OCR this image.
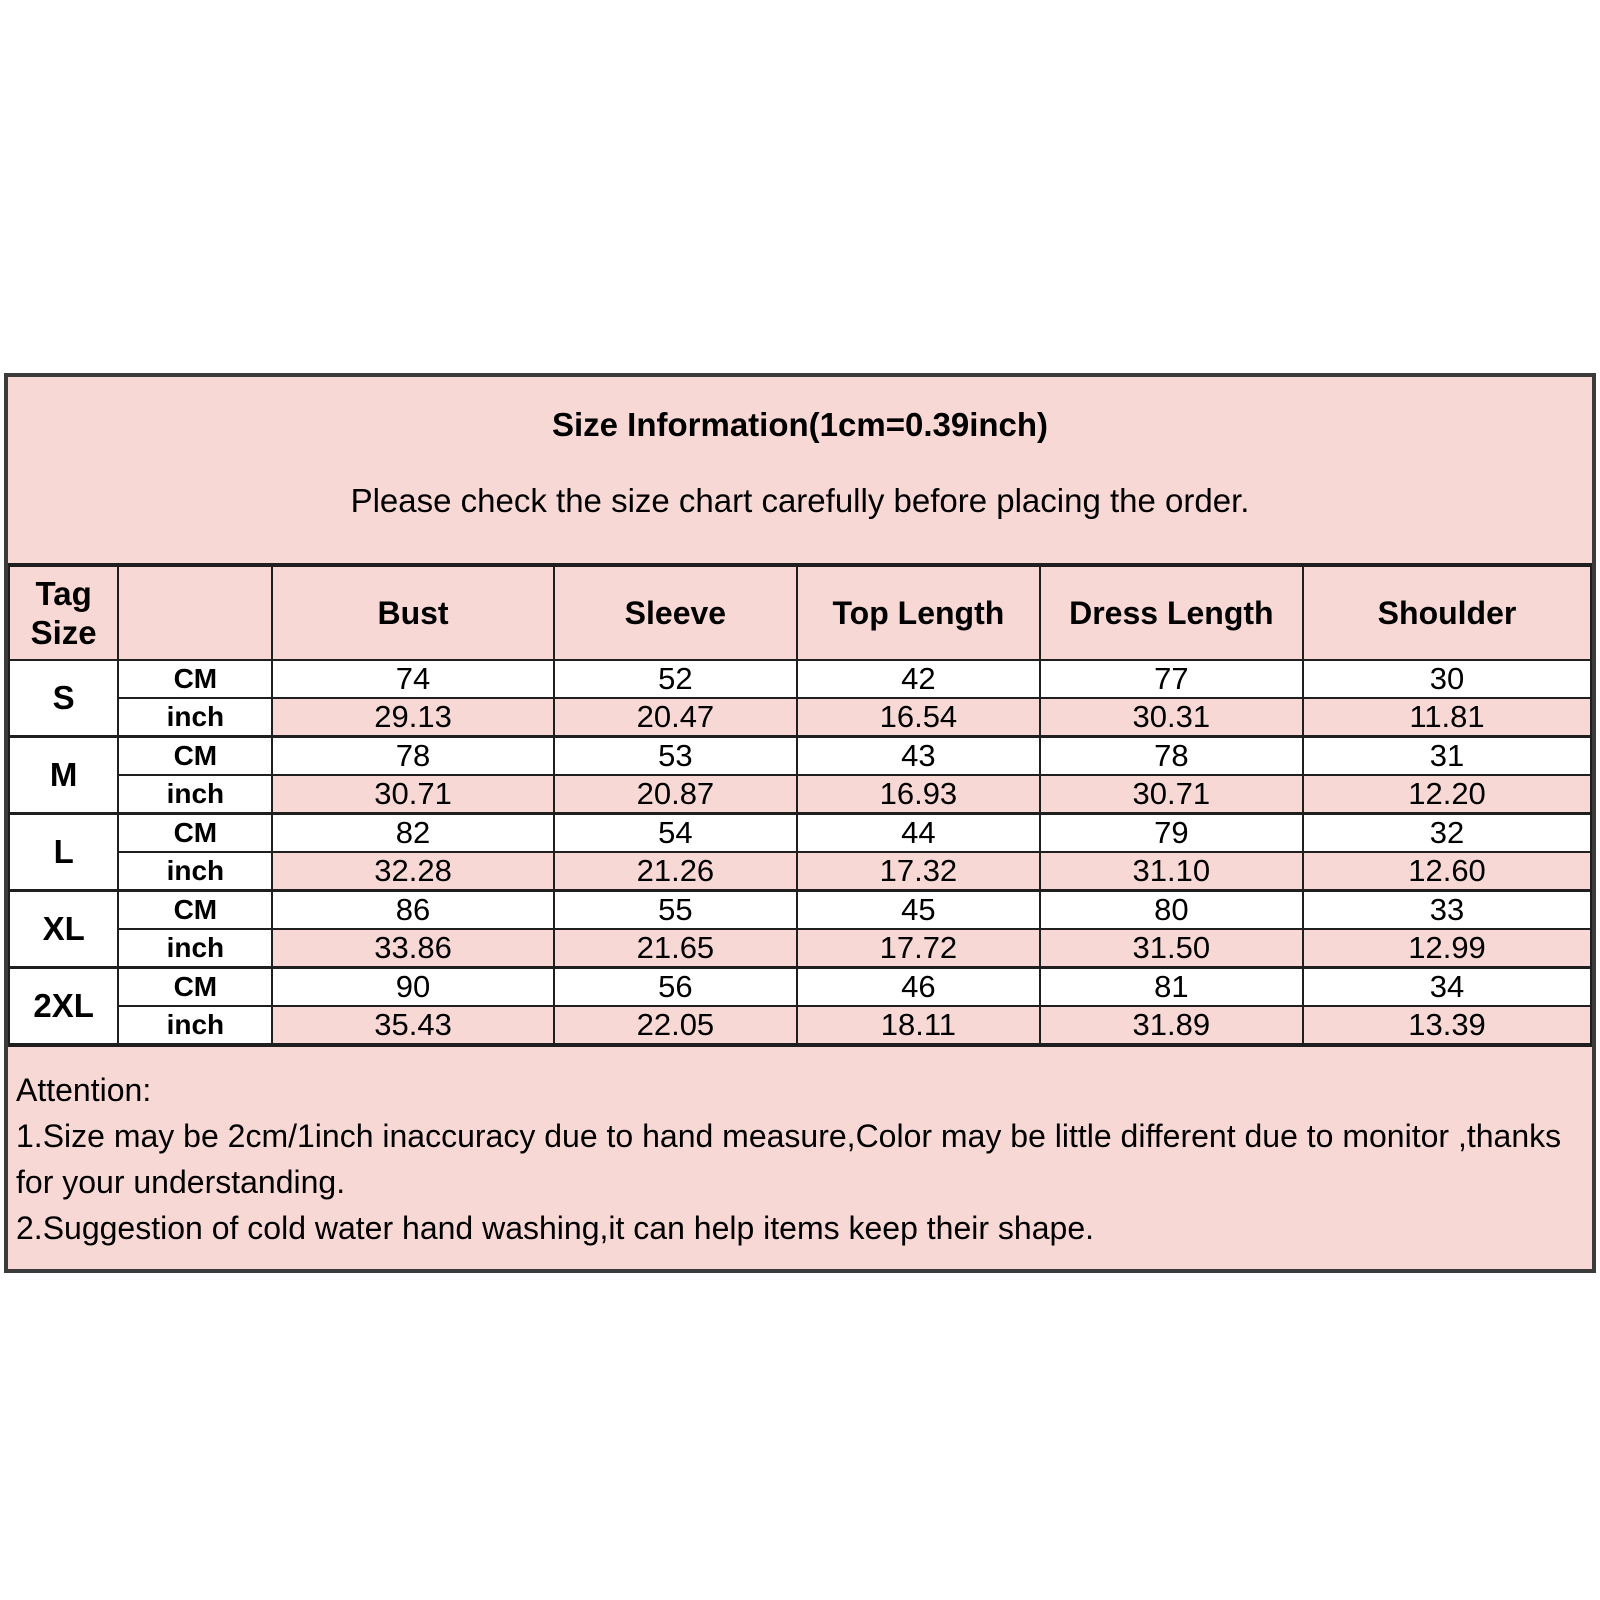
Size Information(1cm=0.39inch)
Please check the size chart carefully before placing the order.
Tag
Size		Bust	Sleeve	Top Length	Dress Length	Shoulder
S	CM	74	52	42	77	30
	inch	29.13	20.47	16.54	30.31	11.81
M	CM	78	53	43	78	31
	inch	30.71	20.87	16.93	30.71	12.20
L	CM	82	54	44	79	32
	inch	32.28	21.26	17.32	31.10	12.60
XL	CM	86	55	45	80	33
	inch	33.86	21.65	17.72	31.50	12.99
2XL	CM	90	56	46	81	34
	inch	35.43	22.05	18.11	31.89	13.39
Attention:
1.Size may be 2cm/1inch inaccuracy due to hand measure,Color may be little different due to monitor ,thanks for your understanding.
2.Suggestion of cold water hand washing,it can help items keep their shape.
